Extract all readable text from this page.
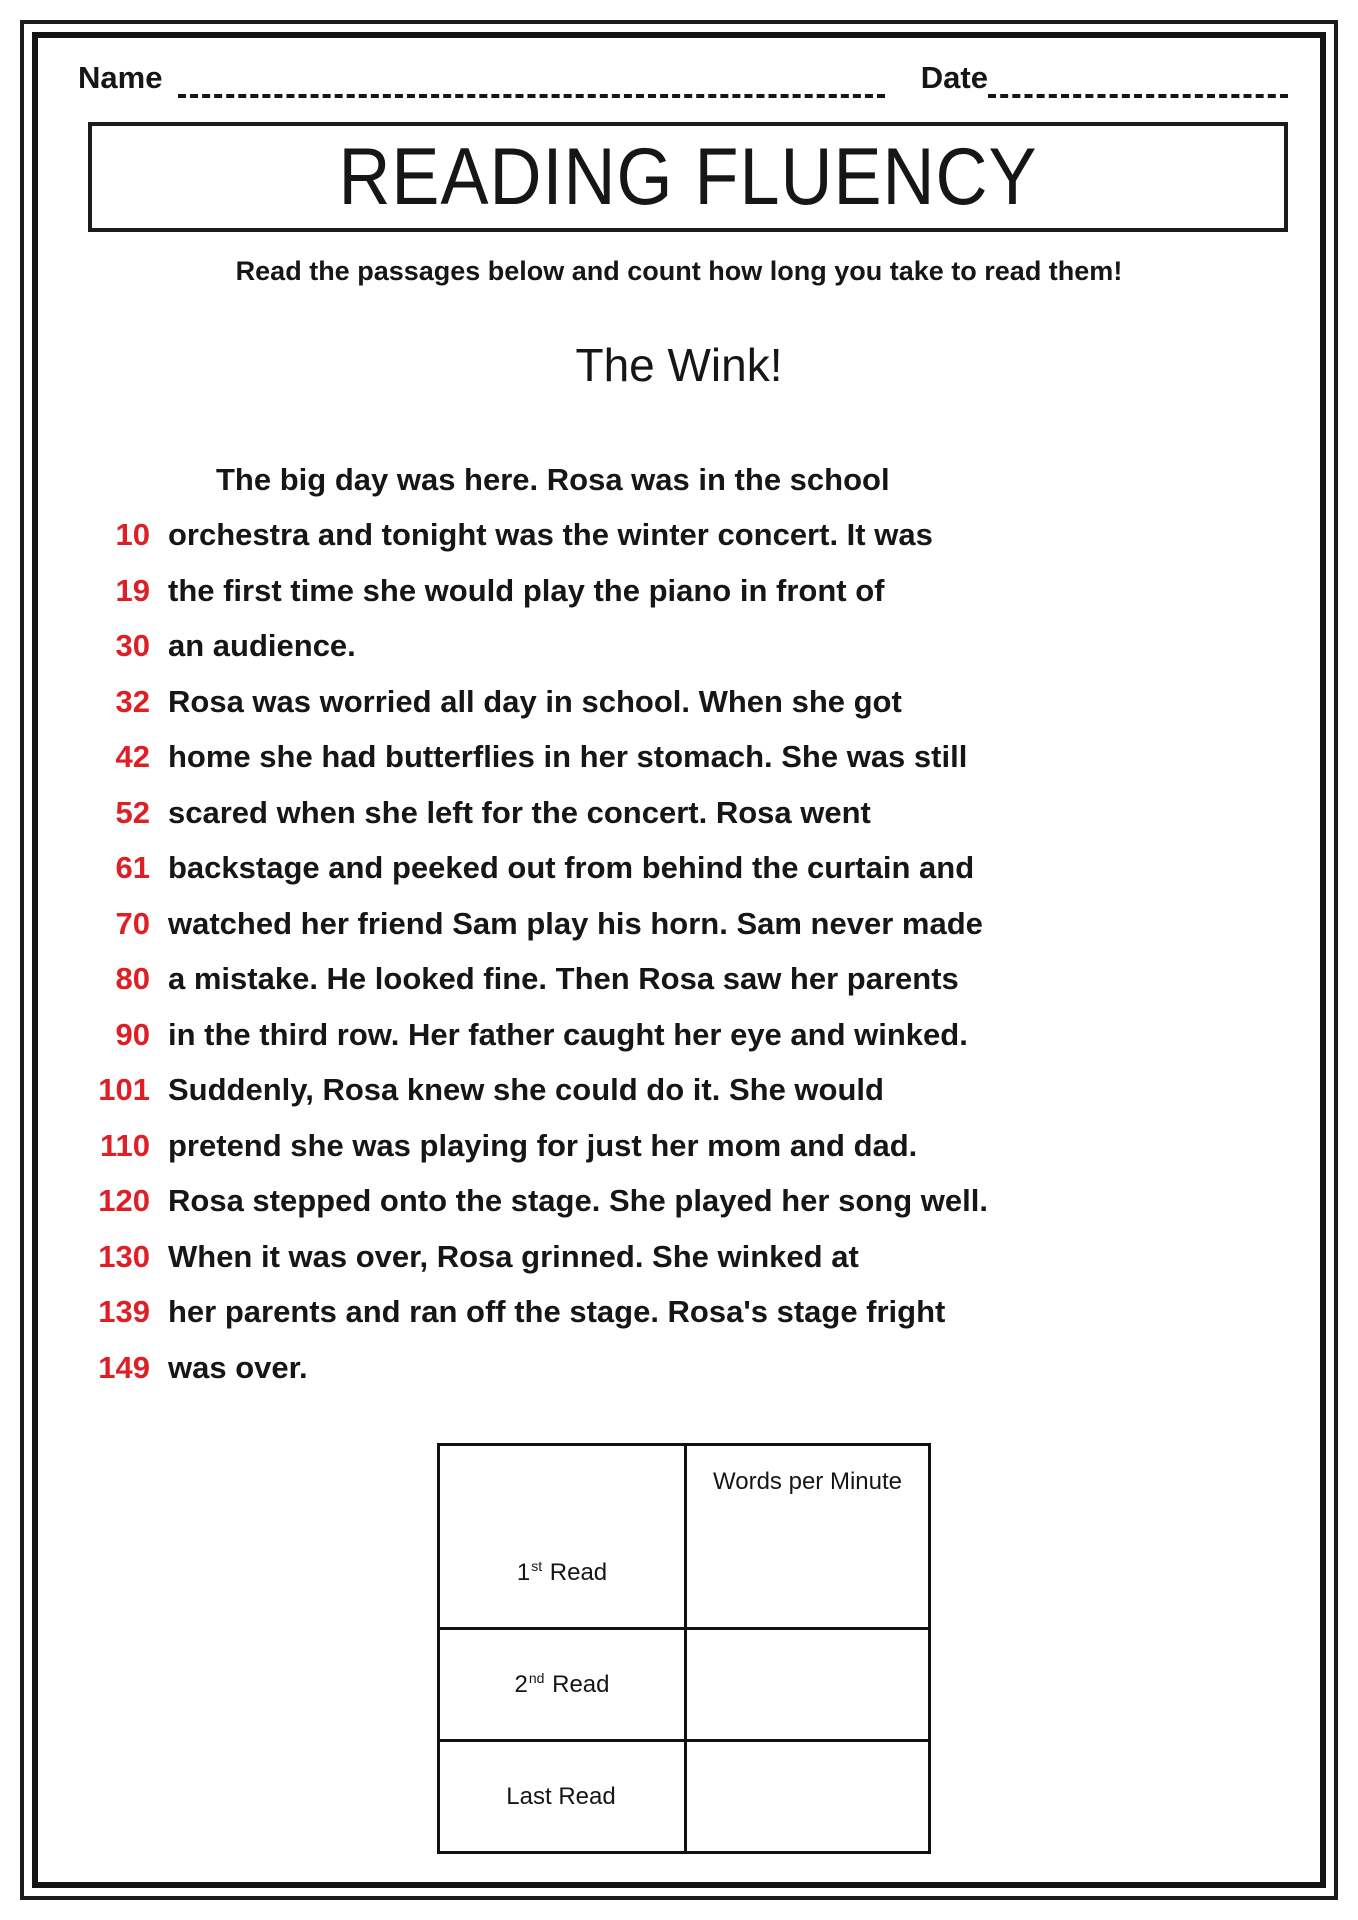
Name	Date
READING FLUENCY
Read the passages below and count how long you take to read them!
The Wink!
The big day was here. Rosa was in the school
10 orchestra and tonight was the winter concert. It was
19 the first time she would play the piano in front of
30 an audience.
32 Rosa was worried all day in school. When she got
42 home she had butterflies in her stomach. She was still
52 scared when she left for the concert. Rosa went
61 backstage and peeked out from behind the curtain and
70 watched her friend Sam play his horn. Sam never made
80 a mistake. He looked fine. Then Rosa saw her parents
90 in the third row. Her father caught her eye and winked.
101 Suddenly, Rosa knew she could do it. She would
110 pretend she was playing for just her mom and dad.
120 Rosa stepped onto the stage. She played her song well.
130 When it was over, Rosa grinned. She winked at
139 her parents and ran off the stage. Rosa's stage fright
149 was over.
Words per Minute
1st Read
2nd Read
Last Read
